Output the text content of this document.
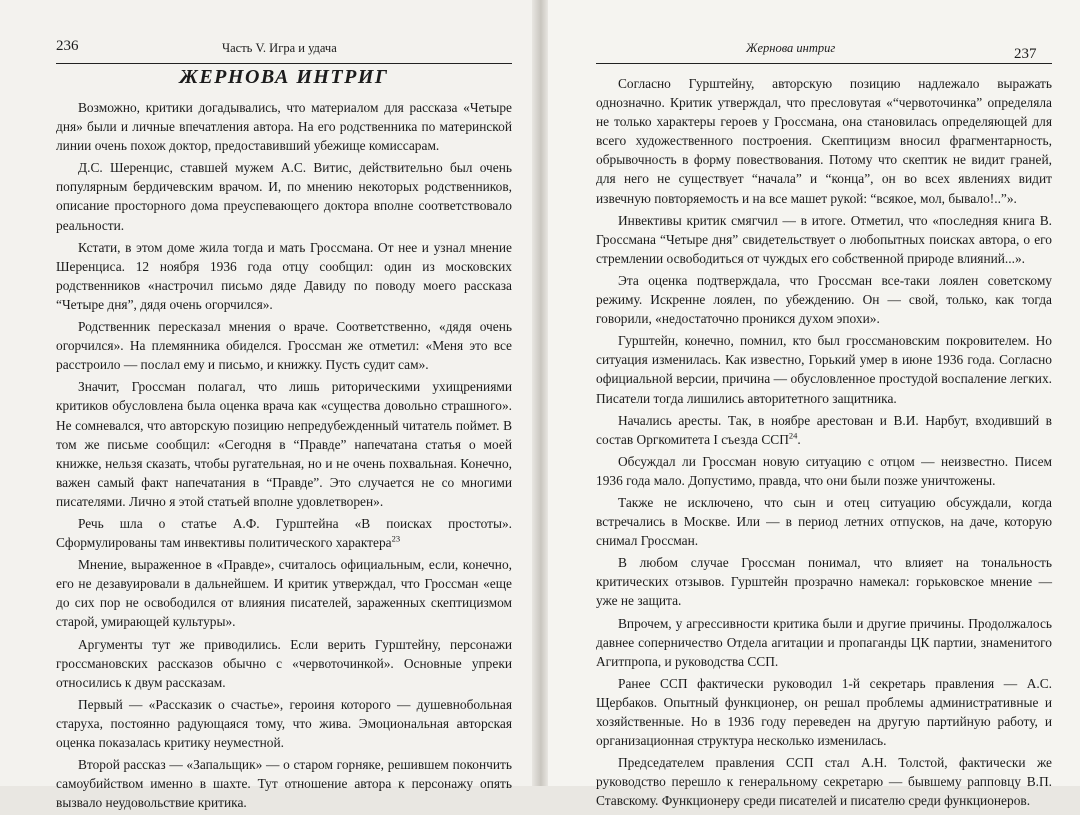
236	Часть V. Игра и удача
ЖЕРНОВА ИНТРИГ

Возможно, критики догадывались, что материалом для рассказа «Четыре дня» были и личные впечатления автора. На его родственника по материнской линии очень похож доктор, предоставивший убежище комиссарам.

Д.С. Шеренцис, ставшей мужем А.С. Витис, действительно был очень популярным бердичевским врачом. И, по мнению некоторых родственников, описание просторного дома преуспевающего доктора вполне соответствовало реальности.

Кстати, в этом доме жила тогда и мать Гроссмана. От нее и узнал мнение Шеренциса. 12 ноября 1936 года отцу сообщил: один из московских родственников «настрочил письмо дяде Давиду по поводу моего рассказа “Четыре дня”, дядя очень огорчился».

Родственник пересказал мнения о враче. Соответственно, «дядя очень огорчился». На племянника обиделся. Гроссман же отметил: «Меня это все расстроило — послал ему и письмо, и книжку. Пусть судит сам».

Значит, Гроссман полагал, что лишь риторическими ухищрениями критиков обусловлена была оценка врача как «существа довольно страшного». Не сомневался, что авторскую позицию непредубежденный читатель поймет. В том же письме сообщил: «Сегодня в “Правде” напечатана статья о моей книжке, нельзя сказать, чтобы ругательная, но и не очень похвальная. Конечно, важен самый факт напечатания в “Правде”. Это случается не со многими писателями. Лично я этой статьей вполне удовлетворен».

Речь шла о статье А.Ф. Гурштейна «В поисках простоты». Сформулированы там инвективы политического характера$^{23}$

Мнение, выраженное в «Правде», считалось официальным, если, конечно, его не дезавуировали в дальнейшем. И критик утверждал, что Гроссман «еще до сих пор не освободился от влияния писателей, зараженных скептицизмом старой, умирающей культуры».

Аргументы тут же приводились. Если верить Гурштейну, персонажи гроссмановских рассказов обычно с «червоточинкой». Основные упреки относились к двум рассказам.

Первый — «Рассказик о счастье», героиня которого — душевнобольная старуха, постоянно радующаяся тому, что жива. Эмоциональная авторская оценка показалась критику неуместной.

Второй рассказ — «Запальщик» — о старом горняке, решившем покончить самоубийством именно в шахте. Тут отношение автора к персонажу опять вызвало неудовольствие критика.

Жернова интриг	237

Согласно Гурштейну, авторскую позицию надлежало выражать однозначно. Критик утверждал, что пресловутая «“червоточинка” определяла не только характеры героев у Гроссмана, она становилась определяющей для всего художественного построения. Скептицизм вносил фрагментарность, обрывочность в форму повествования. Потому что скептик не видит граней, для него не существует “начала” и “конца”, он во всех явлениях видит извечную повторяемость и на все машет рукой: “всякое, мол, бывало!..”».

Инвективы критик смягчил — в итоге. Отметил, что «последняя книга В. Гроссмана “Четыре дня” свидетельствует о любопытных поисках автора, о его стремлении освободиться от чуждых его собственной природе влияний...».

Эта оценка подтверждала, что Гроссман все-таки лоялен советскому режиму. Искренне лоялен, по убеждению. Он — свой, только, как тогда говорили, «недостаточно проникся духом эпохи».

Гурштейн, конечно, помнил, кто был гроссмановским покровителем. Но ситуация изменилась. Как известно, Горький умер в июне 1936 года. Согласно официальной версии, причина — обусловленное простудой воспаление легких. Писатели тогда лишились авторитетного защитника.

Начались аресты. Так, в ноябре арестован и В.И. Нарбут, входивший в состав Оргкомитета I съезда ССП$^{24}$.

Обсуждал ли Гроссман новую ситуацию с отцом — неизвестно. Писем 1936 года мало. Допустимо, правда, что они были позже уничтожены.

Также не исключено, что сын и отец ситуацию обсуждали, когда встречались в Москве. Или — в период летних отпусков, на даче, которую снимал Гроссман.

В любом случае Гроссман понимал, что влияет на тональность критических отзывов. Гурштейн прозрачно намекал: горьковское мнение — уже не защита.

Впрочем, у агрессивности критика были и другие причины. Продолжалось давнее соперничество Отдела агитации и пропаганды ЦК партии, знаменитого Агитпропа, и руководства ССП.

Ранее ССП фактически руководил 1-й секретарь правления — А.С. Щербаков. Опытный функционер, он решал проблемы административные и хозяйственные. Но в 1936 году переведен на другую партийную работу, и организационная структура несколько изменилась.

Председателем правления ССП стал А.Н. Толстой, фактически же руководство перешло к генеральному секретарю — бывшему рапповцу В.П. Ставскому. Функционеру среди писателей и писателю среди функционеров.
